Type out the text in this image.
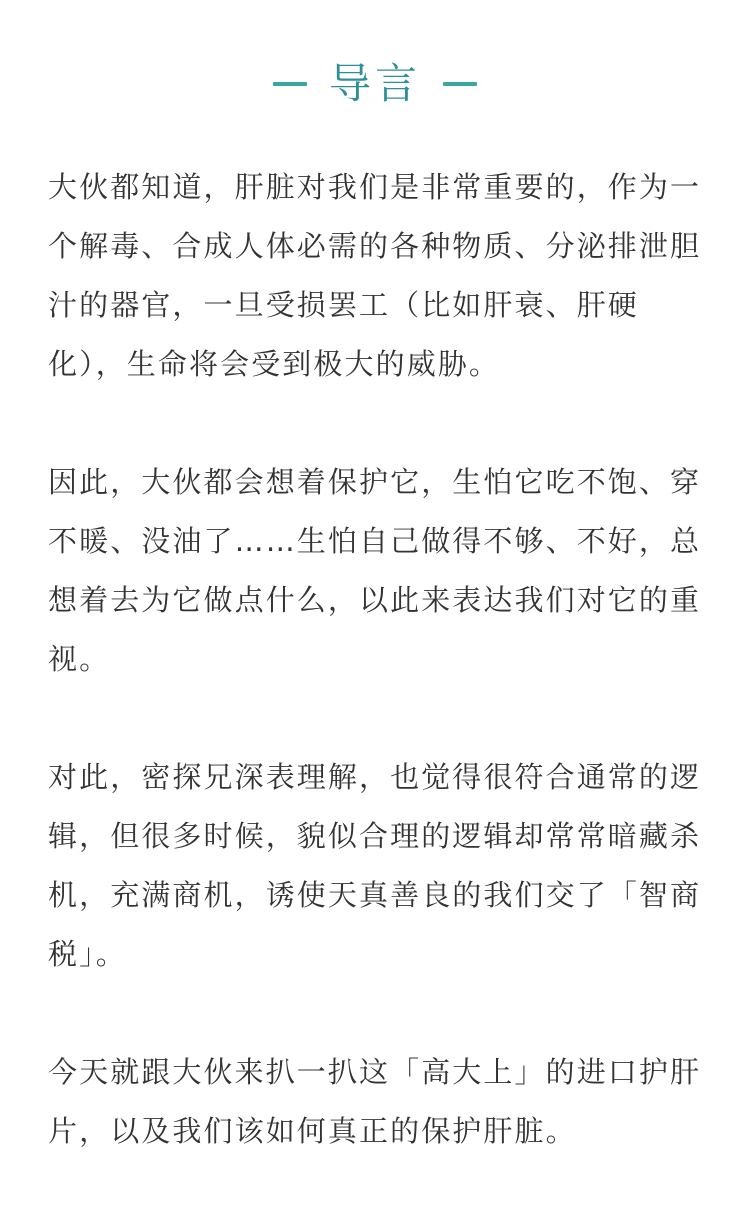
导言

大伙都知道，肝脏对我们是非常重要的，作为一个解毒、合成人体必需的各种物质、分泌排泄胆汁的器官，一旦受损罢工（比如肝衰、肝硬化），生命将会受到极大的威胁。

因此，大伙都会想着保护它，生怕它吃不饱、穿不暖、没油了……生怕自己做得不够、不好，总想着去为它做点什么，以此来表达我们对它的重视。

对此，密探兄深表理解，也觉得很符合通常的逻辑，但很多时候，貌似合理的逻辑却常常暗藏杀机，充满商机，诱使天真善良的我们交了「智商税」。

今天就跟大伙来扒一扒这「高大上」的进口护肝片，以及我们该如何真正的保护肝脏。
